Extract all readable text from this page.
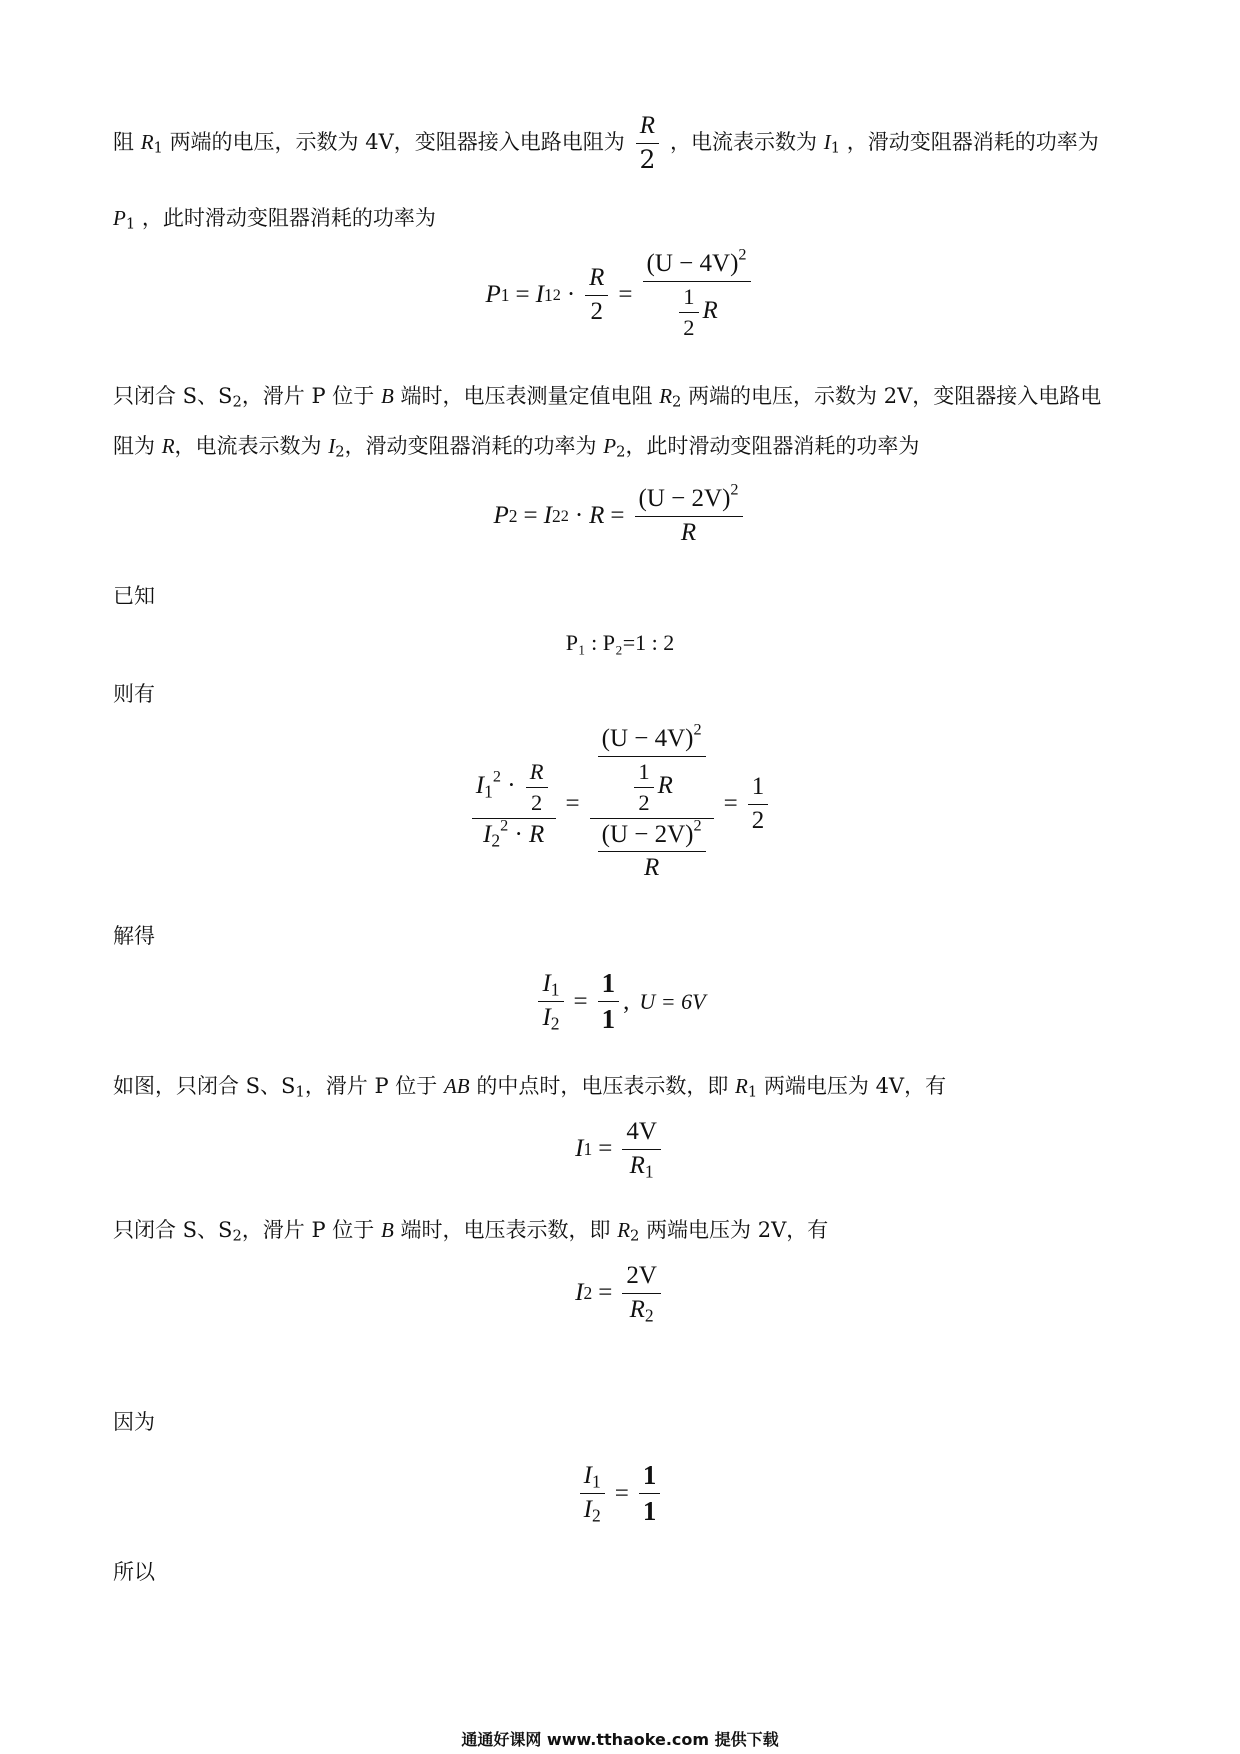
阻 $R_1$ 两端的电压，示数为 4V，变阻器接入电路电阻为 $\frac{R}{2}$ ，电流表示数为 $I_1$ ，滑动变阻器消耗的功率为
$P_1$ ，此时滑动变阻器消耗的功率为
P 1 = I 1 $2 \cdot \frac{R}{2} = \frac{(U - 4V)^2}{\frac{1}{2} R}$
只闭合 S、$S_2$，滑片 P 位于 B 端时，电压表测量定值电阻 $R_2$ 两端的电压，示数为 2V，变阻器接入电路电
阻为 R，电流表示数为 $I_2$，滑动变阻器消耗的功率为 $P_2$，此时滑动变阻器消耗的功率为
P 2 = I 2 $2 \cdot R = \frac{(U - 2V)^2}{R}$
已知
P₁ : P₂=1 : 2
则有
$\frac{I_1^2 \cdot \frac{R}{2}}{I_2^2 \cdot R} = \frac{(U - 4V)^2}{\frac{1}{2} R}$
$\frac{(U - 2V)^2}{R}$
= $\frac{1}{2}$
解得
$\frac{I_1}{I_2} = \frac{1}{1}$ , U = 6V
如图，只闭合 S、$S_1$，滑片 P 位于 AB 的中点时，电压表示数，即 $R_1$ 两端电压为 4V，有
I $1 = \frac{4V}{R_1}$
只闭合 S、$S_2$，滑片 P 位于 B 端时，电压表示数，即 $R_2$ 两端电压为 2V，有
I $2 = \frac{2V}{R_2}$
因为
$\frac{I_1}{I_2} = \frac{1}{1}$
所以
通通好课网 www.tthaoke.com 提供下载
